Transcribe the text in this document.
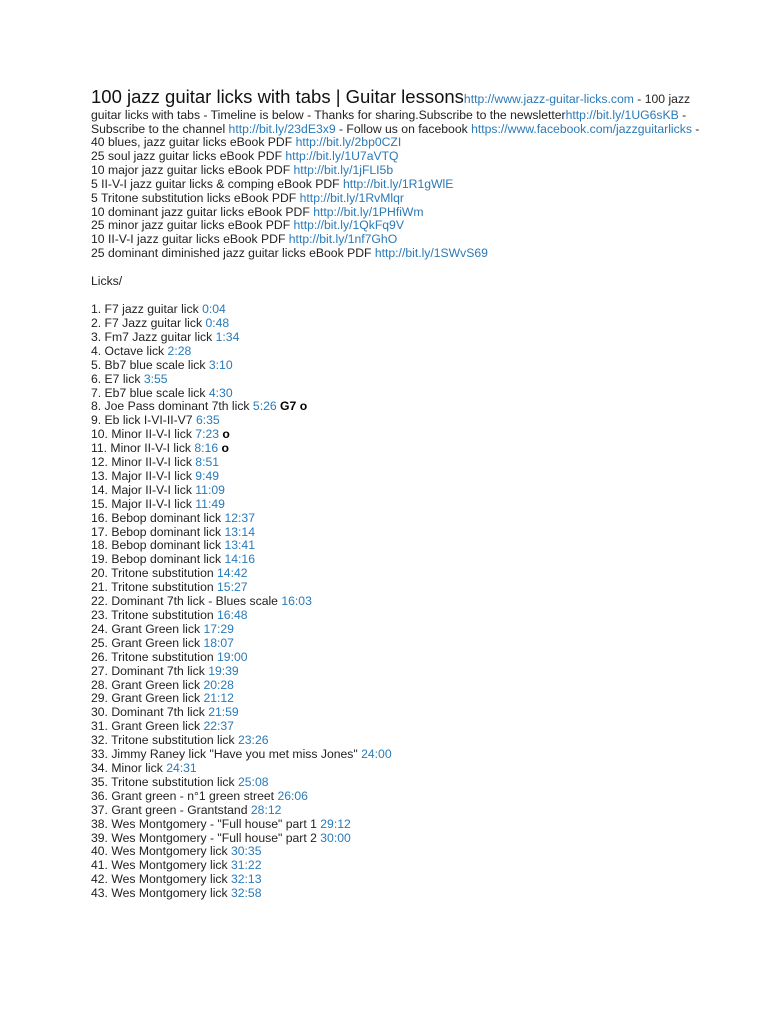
100 jazz guitar licks with tabs | Guitar lessonshttp://www.jazz-guitar-licks.com - 100 jazz guitar licks with tabs - Timeline is below - Thanks for sharing.Subscribe to the newsletterhttp://bit.ly/1UG6sKB - Subscribe to the channel http://bit.ly/23dE3x9 - Follow us on facebook https://www.facebook.com/jazzguitarlicks -
40 blues, jazz guitar licks eBook PDF http://bit.ly/2bp0CZI
25 soul jazz guitar licks eBook PDF http://bit.ly/1U7aVTQ
10 major jazz guitar licks eBook PDF http://bit.ly/1jFLI5b
5 II-V-I jazz guitar licks & comping eBook PDF http://bit.ly/1R1gWlE
5 Tritone substitution licks eBook PDF http://bit.ly/1RvMlqr
10 dominant jazz guitar licks eBook PDF http://bit.ly/1PHfiWm
25 minor jazz guitar licks eBook PDF http://bit.ly/1QkFq9V
10 II-V-I jazz guitar licks eBook PDF http://bit.ly/1nf7GhO
25 dominant diminished jazz guitar licks eBook PDF http://bit.ly/1SWvS69
Licks/
1. F7 jazz guitar lick 0:04
2. F7 Jazz guitar lick 0:48
3. Fm7 Jazz guitar lick 1:34
4. Octave lick 2:28
5. Bb7 blue scale lick 3:10
6. E7 lick 3:55
7. Eb7 blue scale lick 4:30
8. Joe Pass dominant 7th lick 5:26 G7 o
9. Eb lick I-VI-II-V7 6:35
10. Minor II-V-I lick 7:23 o
11. Minor II-V-I lick 8:16 o
12. Minor II-V-I lick 8:51
13. Major II-V-I lick 9:49
14. Major II-V-I lick 11:09
15. Major II-V-I lick 11:49
16. Bebop dominant lick 12:37
17. Bebop dominant lick 13:14
18. Bebop dominant lick 13:41
19. Bebop dominant lick 14:16
20. Tritone substitution 14:42
21. Tritone substitution 15:27
22. Dominant 7th lick - Blues scale 16:03
23. Tritone substitution 16:48
24. Grant Green lick 17:29
25. Grant Green lick 18:07
26. Tritone substitution 19:00
27. Dominant 7th lick 19:39
28. Grant Green lick 20:28
29. Grant Green lick 21:12
30. Dominant 7th lick 21:59
31. Grant Green lick 22:37
32. Tritone substitution lick 23:26
33. Jimmy Raney lick "Have you met miss Jones" 24:00
34. Minor lick 24:31
35. Tritone substitution lick 25:08
36. Grant green - n°1 green street 26:06
37. Grant green - Grantstand 28:12
38. Wes Montgomery - "Full house" part 1 29:12
39. Wes Montgomery - "Full house" part 2 30:00
40. Wes Montgomery lick 30:35
41. Wes Montgomery lick 31:22
42. Wes Montgomery lick 32:13
43. Wes Montgomery lick 32:58
